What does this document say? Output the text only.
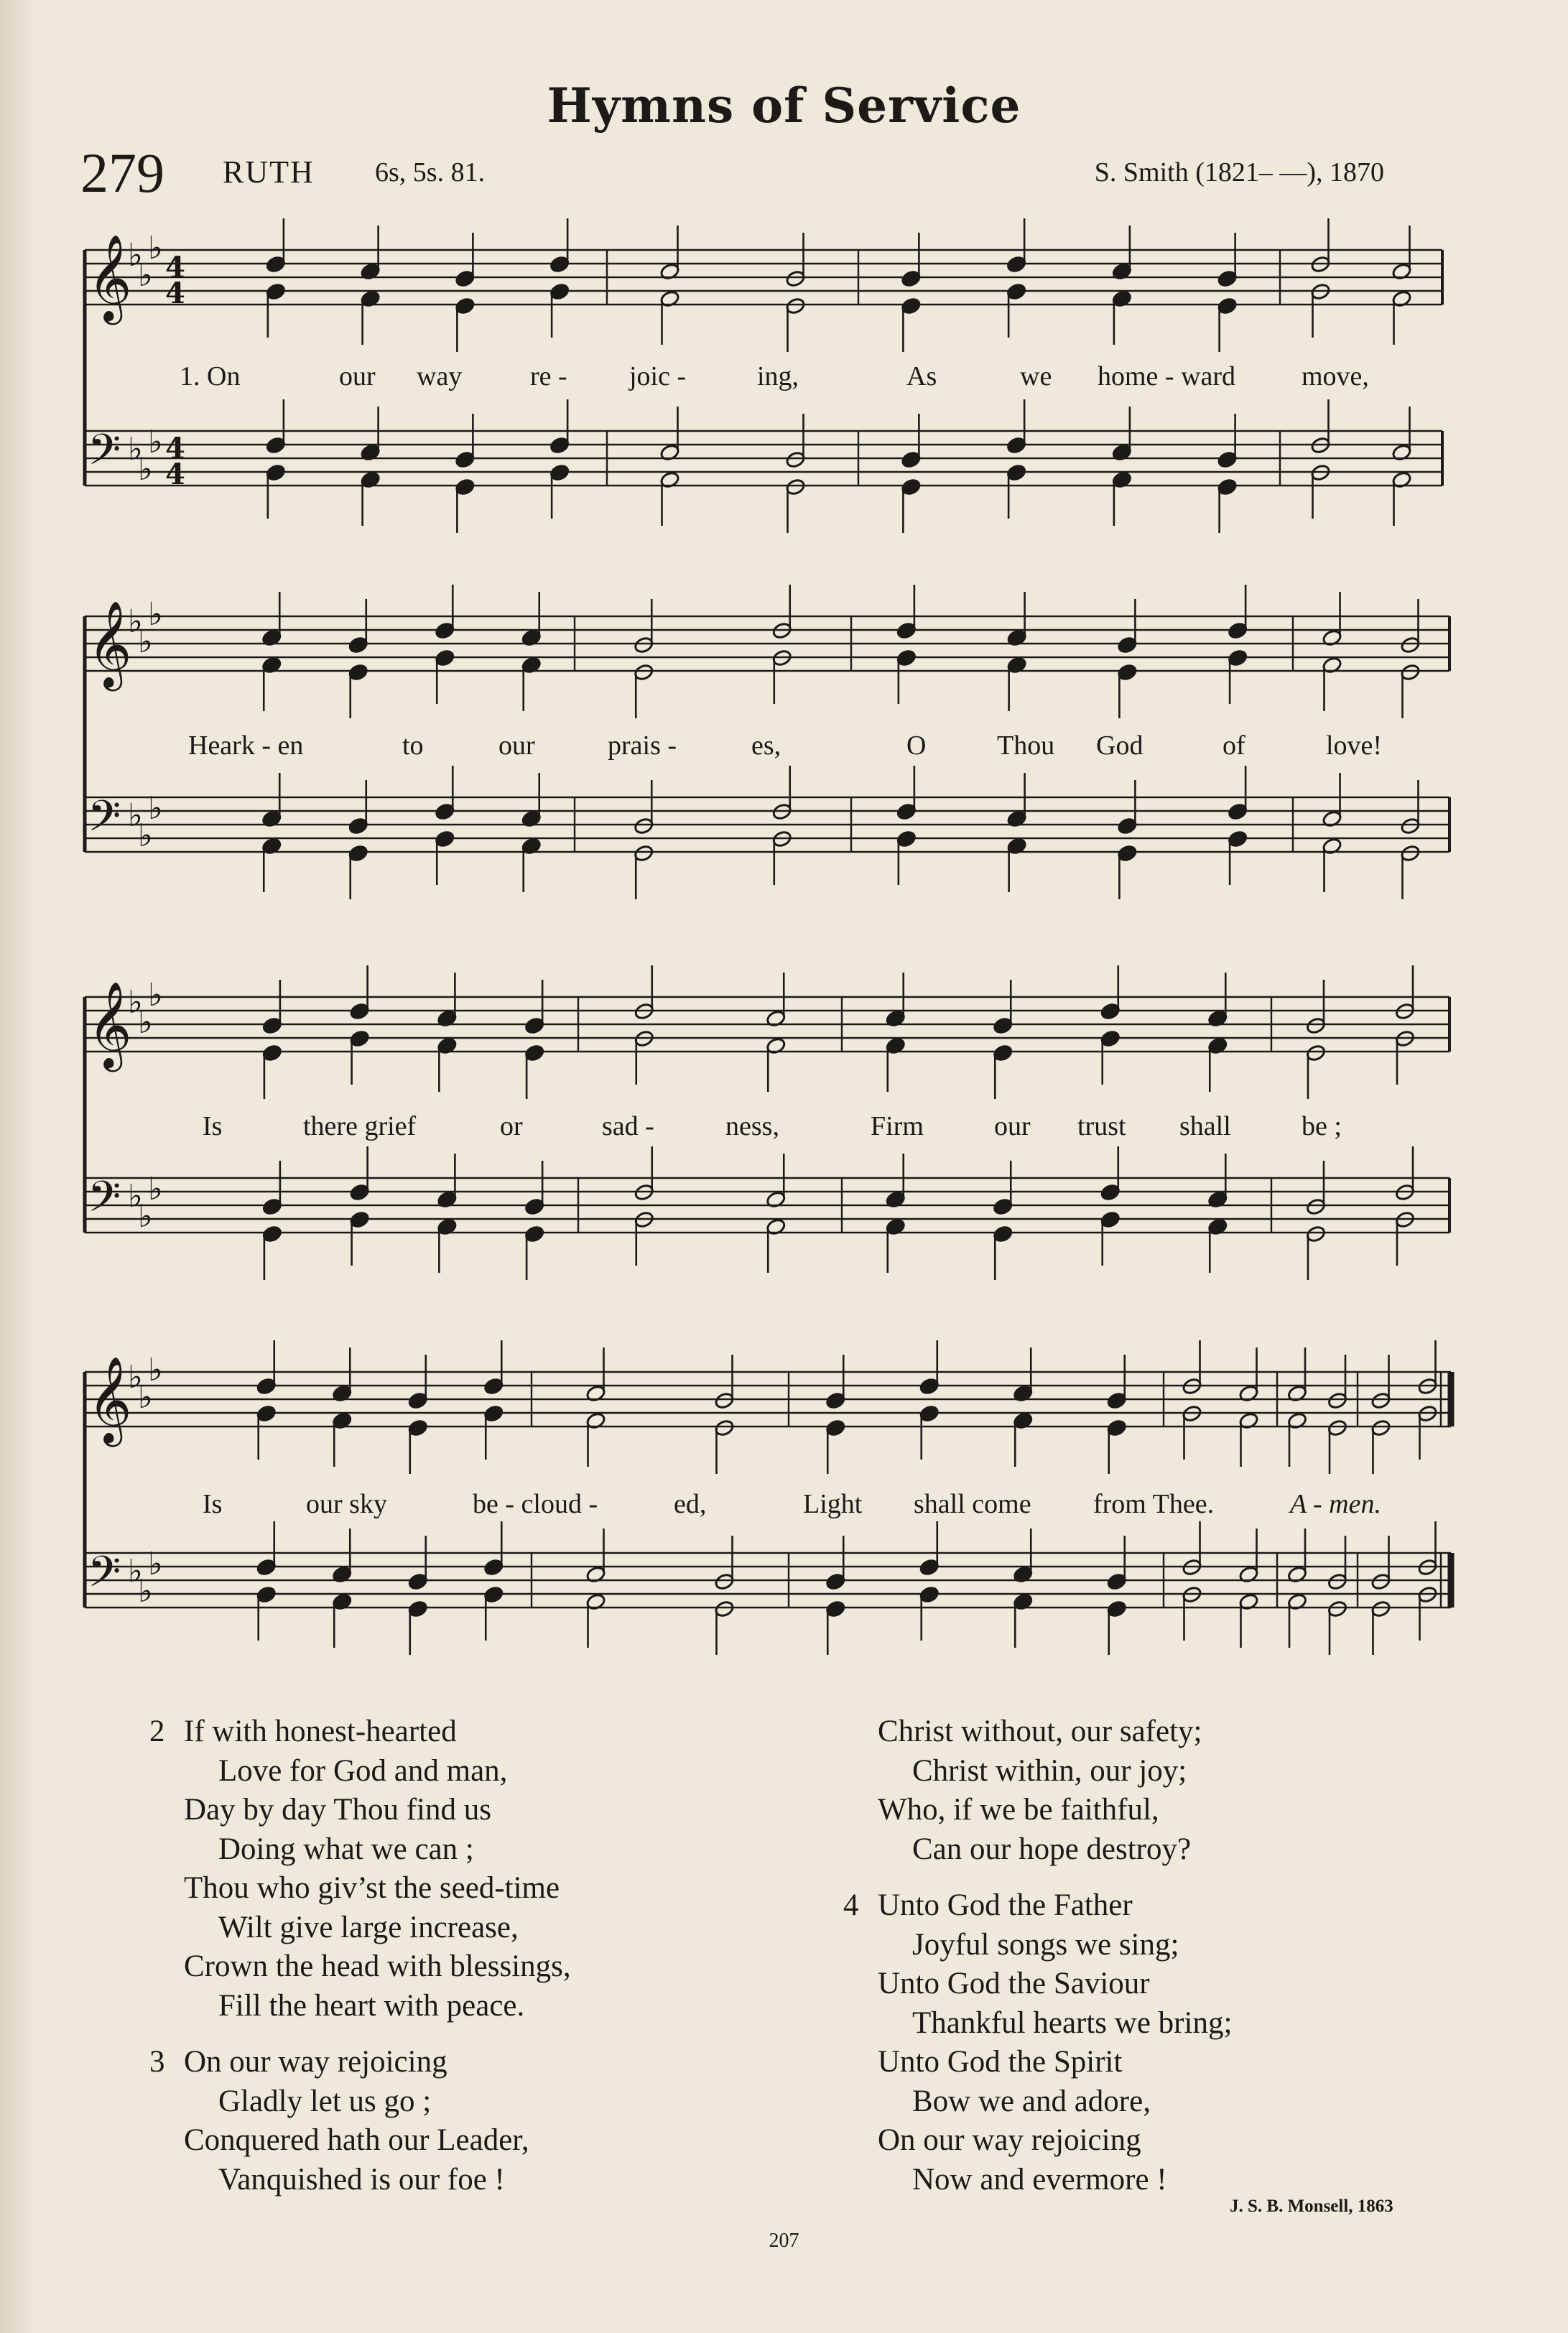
Hymns of Service
279 RUTH 6s, 5s. 81.	S. Smith (1821– —), 1870
𝄞
♭
♭
♭
𝄢 ♭
♭
♭
4
4
4
4
1. On	our way re - joic -	ing,	As	we home - ward move,
𝄞
♭
♭
♭
𝄢 ♭
♭
♭
Heark - en	to	our	prais -	es,	O	Thou God	of	love!
𝄞
♭
♭
♭
𝄢 ♭
♭
♭
Is	there grief	or	sad -	ness,	Firm	our trust shall	be ;
𝄞
♭
♭
♭
𝄢 ♭
♭
♭
Is	our sky	be - cloud -	ed,	Light shall come from Thee.	A - men.
2 If with honest-hearted
Love for God and man,
Day by day Thou find us
Doing what we can ;
Thou who giv’st the seed-time
Wilt give large increase,
Crown the head with blessings,
Fill the heart with peace.
3 On our way rejoicing
Gladly let us go ;
Conquered hath our Leader,
Vanquished is our foe !
Christ without, our safety;
Christ within, our joy;
Who, if we be faithful,
Can our hope destroy?
4 Unto God the Father
Joyful songs we sing;
Unto God the Saviour
Thankful hearts we bring;
Unto God the Spirit
Bow we and adore,
On our way rejoicing
Now and evermore !
J. S. B. Monsell, 1863
207
